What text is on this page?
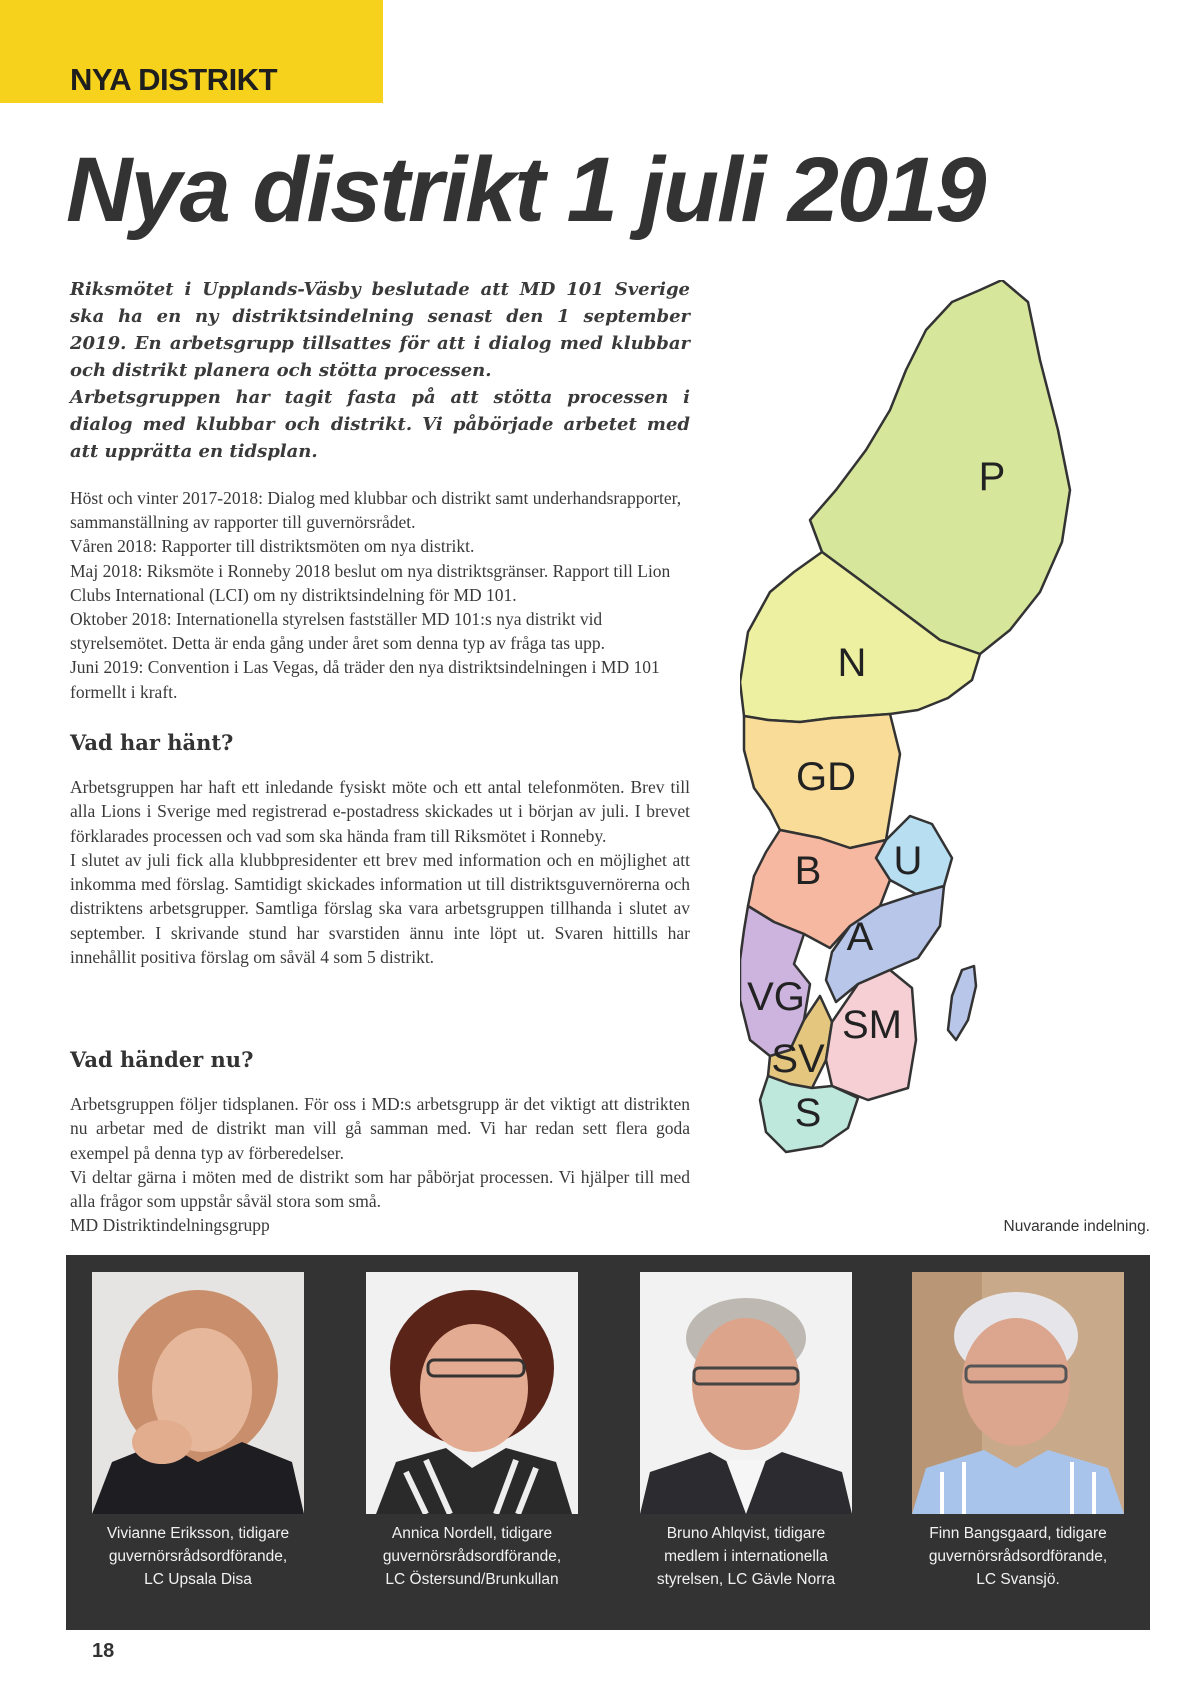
NYA DISTRIKT
Nya distrikt 1 juli 2019

Riksmötet i Upplands-Väsby beslutade att MD 101 Sverige ska ha en ny distriktsindelning senast den 1 september 2019. En arbetsgrupp tillsattes för att i dialog med klubbar och distrikt planera och stötta processen.

Arbetsgruppen har tagit fasta på att stötta processen i dialog med klubbar och distrikt. Vi påbörjade arbetet med att upprätta en tidsplan.

Höst och vinter 2017-2018: Dialog med klubbar och distrikt samt underhandsrapporter, sammanställning av rapporter till guvernörsrådet.
Våren 2018: Rapporter till distriktsmöten om nya distrikt.
Maj 2018: Riksmöte i Ronneby 2018 beslut om nya distriktsgränser. Rapport till Lion Clubs International (LCI) om ny distriktsindelning för MD 101.
Oktober 2018: Internationella styrelsen fastställer MD 101:s nya distrikt vid styrelsemötet. Detta är enda gång under året som denna typ av fråga tas upp.
Juni 2019: Convention i Las Vegas, då träder den nya distriktsindelningen i MD 101 formellt i kraft.
Vad har hänt?

Arbetsgruppen har haft ett inledande fysiskt möte och ett antal telefonmöten. Brev till alla Lions i Sverige med registrerad e-postadress skickades ut i början av juli. I brevet förklarades processen och vad som ska hända fram till Riksmötet i Ronneby.

I slutet av juli fick alla klubbpresidenter ett brev med information och en möjlighet att inkomma med förslag. Samtidigt skickades information ut till distriktsguvernörerna och distriktens arbetsgrupper. Samtliga förslag ska vara arbetsgruppen tillhanda i slutet av september. I skrivande stund har svarstiden ännu inte löpt ut. Svaren hittills har innehållit positiva förslag om såväl 4 som 5 distrikt.

Vad händer nu?

Arbetsgruppen följer tidsplanen. För oss i MD:s arbetsgrupp är det viktigt att distrikten nu arbetar med de distrikt man vill gå samman med. Vi har redan sett flera goda exempel på denna typ av förberedelser.

Vi deltar gärna i möten med de distrikt som har påbörjat processen. Vi hjälper till med alla frågor som uppstår såväl stora som små.

MD Distriktindelningsgrupp

P
N
GD
U
B
A
VG
SV
SM
S
Nuvarande indelning.
Vivianne Eriksson, tidigare
guvernörsrådsordförande,
LC Upsala Disa
Annica Nordell, tidigare
guvernörsrådsordförande,
LC Östersund/Brunkullan
Bruno Ahlqvist, tidigare
medlem i internationella
styrelsen, LC Gävle Norra
Finn Bangsgaard, tidigare
guvernörsrådsordförande,
LC Svansjö.
18
